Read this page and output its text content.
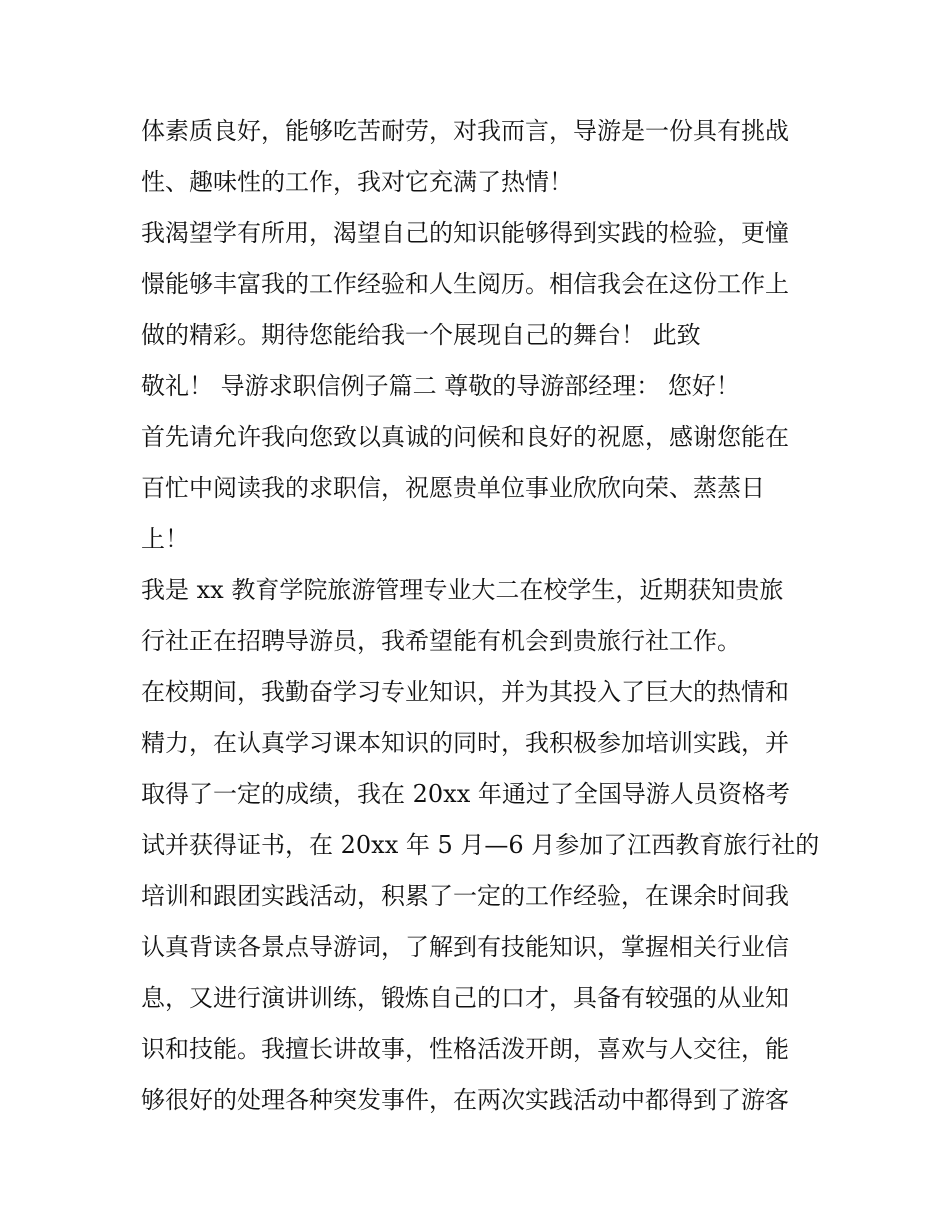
体素质良好，能够吃苦耐劳，对我而言，导游是一份具有挑战
性、趣味性的工作，我对它充满了热情！
我渴望学有所用，渴望自己的知识能够得到实践的检验，更憧
憬能够丰富我的工作经验和人生阅历。相信我会在这份工作上
做的精彩。期待您能给我一个展现自己的舞台！ 此致
敬礼！ 导游求职信例子篇二 尊敬的导游部经理： 您好！
首先请允许我向您致以真诚的问候和良好的祝愿，感谢您能在
百忙中阅读我的求职信，祝愿贵单位事业欣欣向荣、蒸蒸日
上！
我是 xx 教育学院旅游管理专业大二在校学生，近期获知贵旅
行社正在招聘导游员，我希望能有机会到贵旅行社工作。
在校期间，我勤奋学习专业知识，并为其投入了巨大的热情和
精力，在认真学习课本知识的同时，我积极参加培训实践，并
取得了一定的成绩，我在 20xx 年通过了全国导游人员资格考
试并获得证书，在 20xx 年 5 月—6 月参加了江西教育旅行社的
培训和跟团实践活动，积累了一定的工作经验，在课余时间我
认真背读各景点导游词，了解到有技能知识，掌握相关行业信
息，又进行演讲训练，锻炼自己的口才，具备有较强的从业知
识和技能。我擅长讲故事，性格活泼开朗，喜欢与人交往，能
够很好的处理各种突发事件，在两次实践活动中都得到了游客
